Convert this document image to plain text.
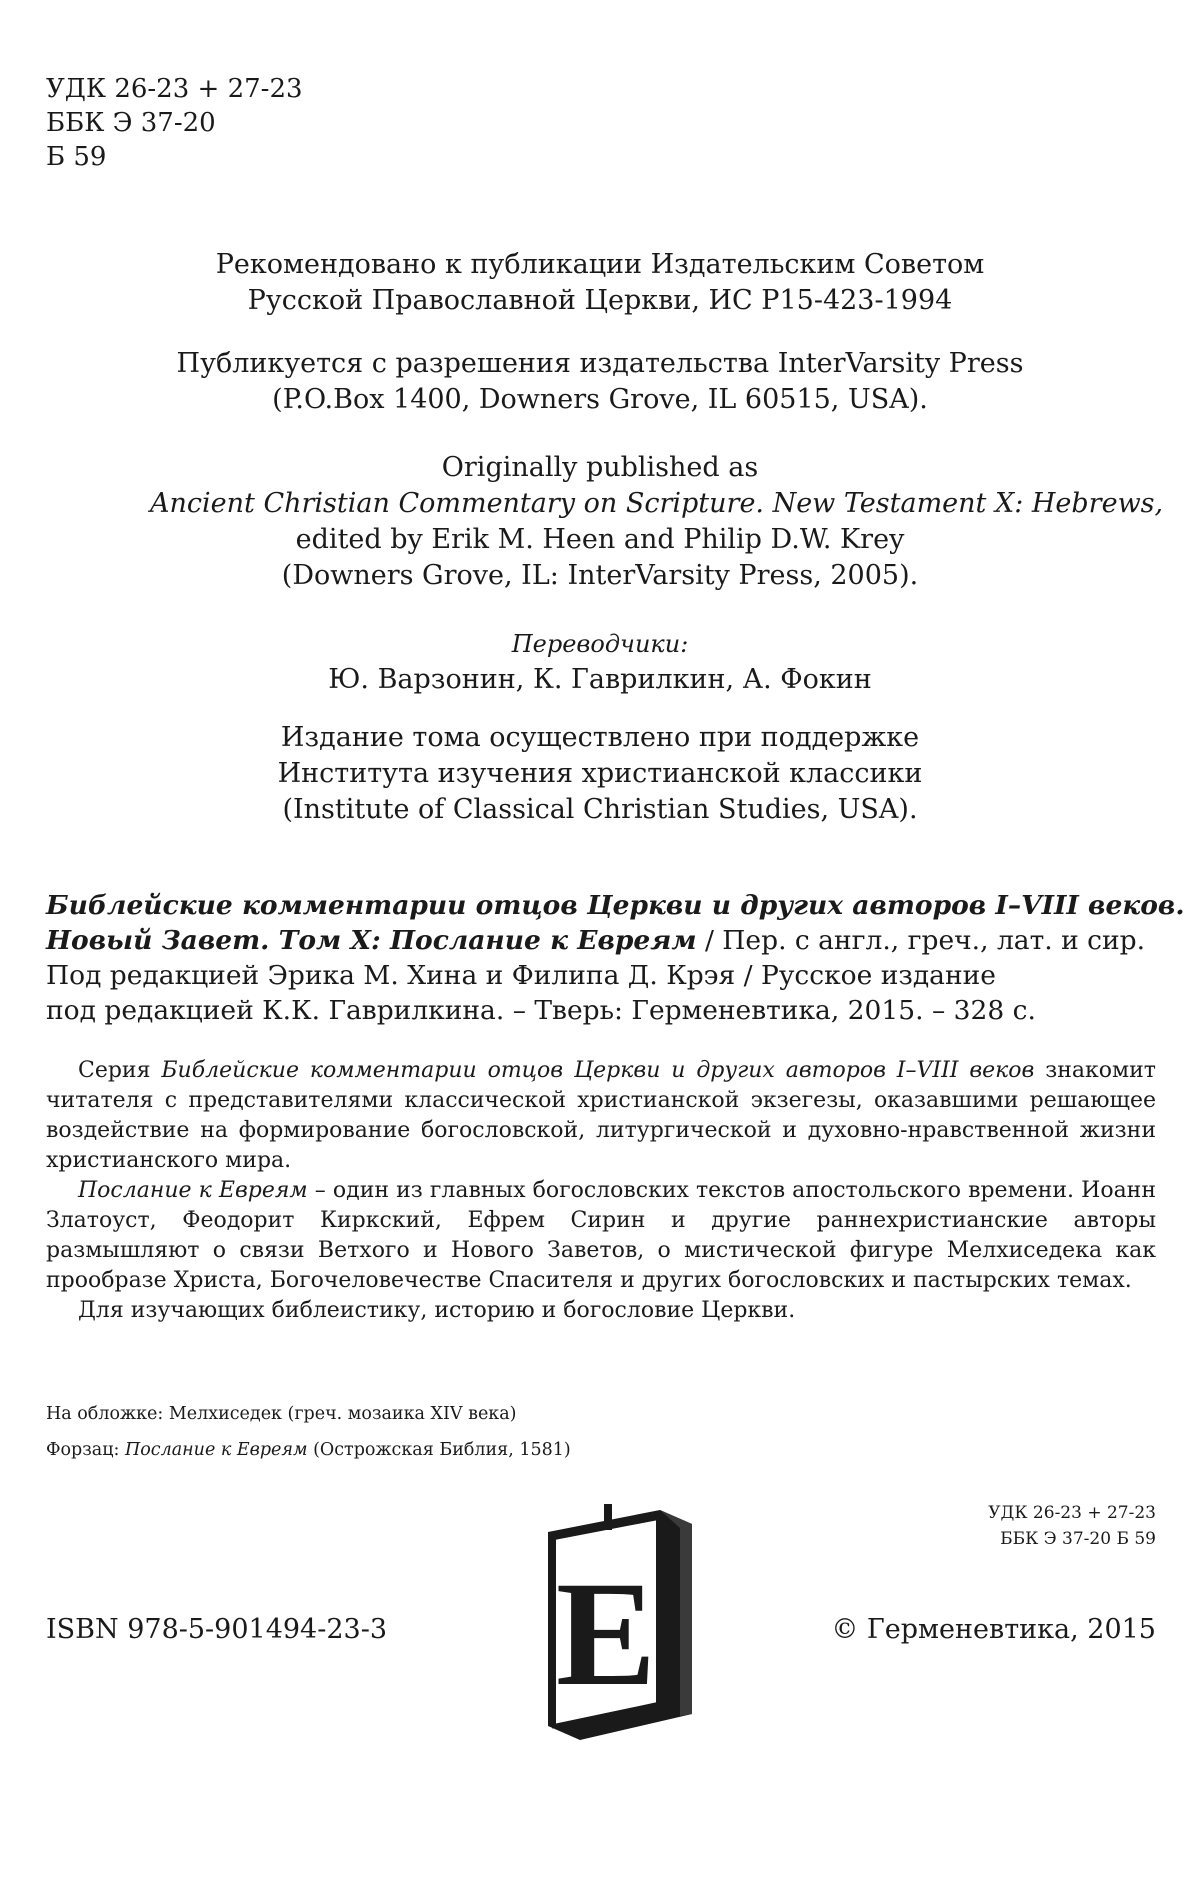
УДК 26-23 + 27-23
ББК Э 37-20
Б 59
Рекомендовано к публикации Издательским Советом
Русской Православной Церкви, ИС Р15-423-1994
Публикуется с разрешения издательства InterVarsity Press
(P.O.Box 1400, Downers Grove, IL 60515, USA).
Originally published as
Ancient Christian Commentary on Scripture. New Testament X: Hebrews,
edited by Erik M. Heen and Philip D.W. Krey
(Downers Grove, IL: InterVarsity Press, 2005).
Переводчики:
Ю. Варзонин, К. Гаврилкин, А. Фокин
Издание тома осуществлено при поддержке
Института изучения христианской классики
(Institute of Classical Christian Studies, USA).
Библейские комментарии отцов Церкви и других авторов I–VIII веков.
Новый Завет. Том X: Послание к Евреям / Пер. с англ., греч., лат. и сир.
Под редакцией Эрика М. Хина и Филипа Д. Крэя / Русское издание
под редакцией К.К. Гаврилкина. – Тверь: Герменевтика, 2015. – 328 с.

Серия Библейские комментарии отцов Церкви и других авторов I–VIII веков знакомит читателя с представителями классической христианской экзегезы, оказавшими решающее воздействие на формирование богословской, литургической и духовно-нравственной жизни христианского мира.

Послание к Евреям – один из главных богословских текстов апостольского времени. Иоанн Златоуст, Феодорит Киркский, Ефрем Сирин и другие раннехристианские авторы размышляют о связи Ветхого и Нового Заветов, о мистической фигуре Мелхиседека как прообразе Христа, Богочеловечестве Спасителя и других богословских и пастырских темах.

Для изучающих библеистику, историю и богословие Церкви.

На обложке: Мелхиседек (греч. мозаика XIV века)
Форзац: Послание к Евреям (Острожская Библия, 1581)
УДК 26-23 + 27-23
ББК Э 37-20 Б 59
E
ISBN 978-5-901494-23-3	© Герменевтика, 2015
